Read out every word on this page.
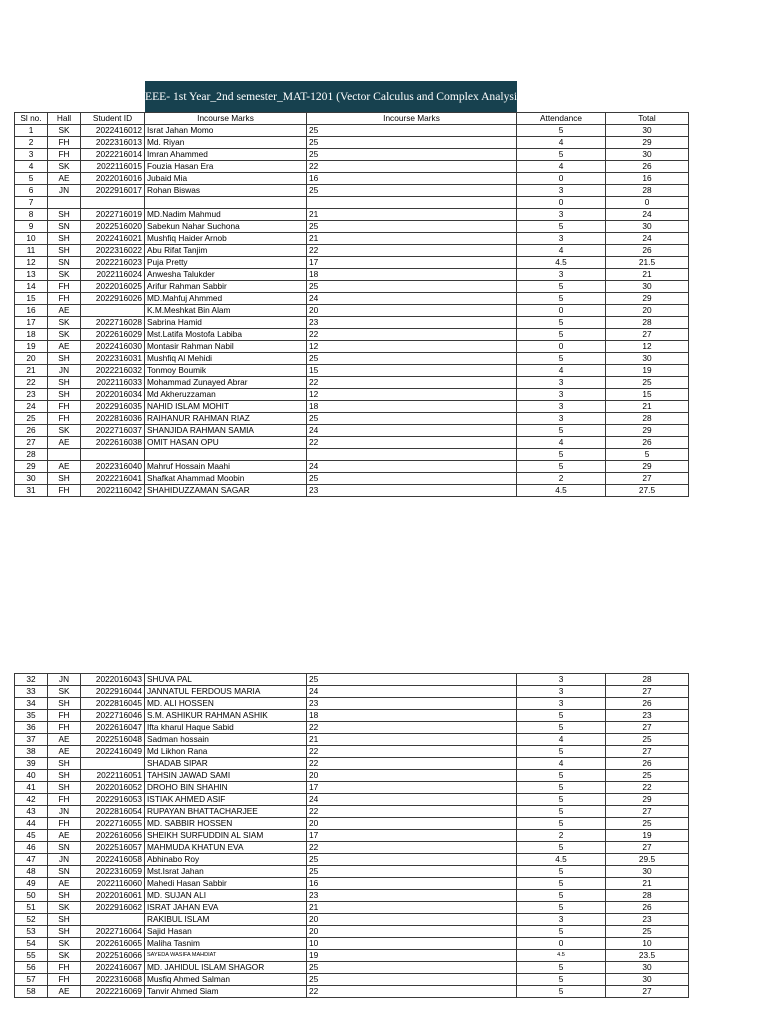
EEE- 1st Year_2nd semester_MAT-1201 (Vector Calculus and Complex Analysis)
Sl no.	Hall	Student ID	Incourse Marks	Incourse Marks	Attendance	Total
1	SK	2022416012	Israt Jahan Momo	25	5	30
2	FH	2022316013	Md. Riyan	25	4	29
3	FH	2022216014	Imran Ahammed	25	5	30
4	SK	2022116015	Fouzia Hasan Era	22	4	26
5	AE	2022016016	Jubaid Mia	16	0	16
6	JN	2022916017	Rohan Biswas	25	3	28
7					0	0
8	SH	2022716019	MD.Nadim Mahmud	21	3	24
9	SN	2022516020	Sabekun Nahar Suchona	25	5	30
10	SH	2022416021	Mushfiq Haider Arnob	21	3	24
11	SH	2022316022	Abu Rifat Tanjim	22	4	26
12	SN	2022216023	Puja Pretty	17	4.5	21.5
13	SK	2022116024	Anwesha Talukder	18	3	21
14	FH	2022016025	Arifur Rahman Sabbir	25	5	30
15	FH	2022916026	MD.Mahfuj Ahmmed	24	5	29
16	AE		K.M.Meshkat Bin Alam	20	0	20
17	SK	2022716028	Sabrina Hamid	23	5	28
18	SK	2022616029	Mst.Latifa Mostofa Labiba	22	5	27
19	AE	2022416030	Montasir Rahman Nabil	12	0	12
20	SH	2022316031	Mushfiq Al Mehidi	25	5	30
21	JN	2022216032	Tonmoy Boumik	15	4	19
22	SH	2022116033	Mohammad Zunayed Abrar	22	3	25
23	SH	2022016034	Md Akheruzzaman	12	3	15
24	FH	2022916035	NAHID ISLAM MOHIT	18	3	21
25	FH	2022816036	RAIHANUR RAHMAN RIAZ	25	3	28
26	SK	2022716037	SHANJIDA RAHMAN SAMIA	24	5	29
27	AE	2022616038	OMIT HASAN OPU	22	4	26
28					5	5
29	AE	2022316040	Mahruf Hossain Maahi	24	5	29
30	SH	2022216041	Shafkat Ahammad Moobin	25	2	27
31	FH	2022116042	SHAHIDUZZAMAN SAGAR	23	4.5	27.5
32	JN	2022016043	SHUVA PAL	25	3	28
33	SK	2022916044	JANNATUL FERDOUS MARIA	24	3	27
34	SH	2022816045	MD. ALI HOSSEN	23	3	26
35	FH	2022716046	S.M. ASHIKUR RAHMAN ASHIK	18	5	23
36	FH	2022616047	Ifta kharul Haque Sabid	22	5	27
37	AE	2022516048	Sadman hossain	21	4	25
38	AE	2022416049	Md Likhon Rana	22	5	27
39	SH		SHADAB SIPAR	22	4	26
40	SH	2022116051	TAHSIN JAWAD SAMI	20	5	25
41	SH	2022016052	DROHO BIN SHAHIN	17	5	22
42	FH	2022916053	ISTIAK AHMED ASIF	24	5	29
43	JN	2022816054	RUPAYAN BHATTACHARJEE	22	5	27
44	FH	2022716055	MD. SABBIR HOSSEN	20	5	25
45	AE	2022616056	SHEIKH SURFUDDIN AL SIAM	17	2	19
46	SN	2022516057	MAHMUDA KHATUN EVA	22	5	27
47	JN	2022416058	Abhinabo Roy	25	4.5	29.5
48	SN	2022316059	Mst.Israt Jahan	25	5	30
49	AE	2022116060	Mahedi Hasan Sabbir	16	5	21
50	SH	2022016061	MD. SUJAN ALI	23	5	28
51	SK	2022916062	ISRAT JAHAN EVA	21	5	26
52	SH		RAKIBUL ISLAM	20	3	23
53	SH	2022716064	Sajid Hasan	20	5	25
54	SK	2022616065	Maliha Tasnim	10	0	10
55	SK	2022516066	SAYEDA WASIFA MAHDIAT	19	4.5	23.5
56	FH	2022416067	MD. JAHIDUL ISLAM SHAGOR	25	5	30
57	FH	2022316068	Musfiq Ahmed Salman	25	5	30
58	AE	2022216069	Tanvir Ahmed Siam	22	5	27
